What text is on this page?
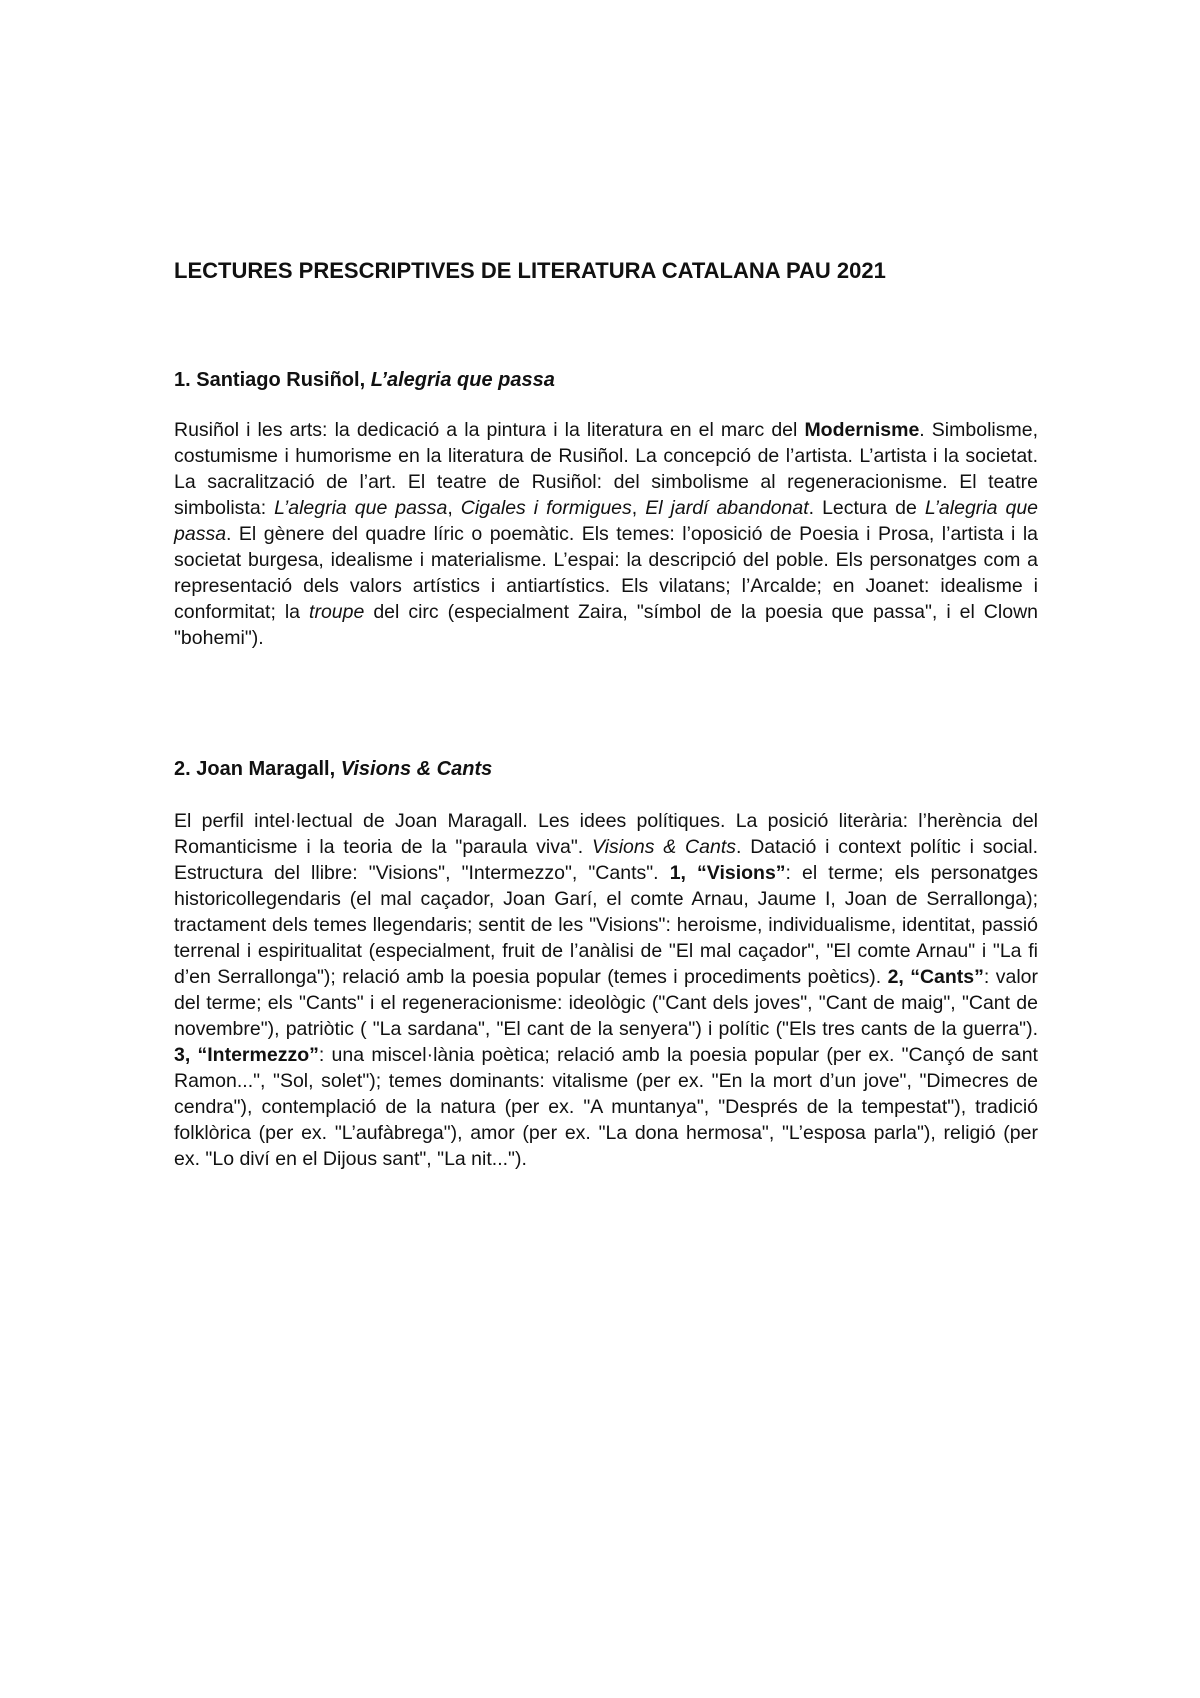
LECTURES PRESCRIPTIVES DE LITERATURA CATALANA PAU 2021
1. Santiago Rusiñol, L’alegria que passa

Rusiñol i les arts: la dedicació a la pintura i la literatura en el marc del Modernisme. Simbolisme, costumisme i humorisme en la literatura de Rusiñol. La concepció de l’artista. L’artista i la societat. La sacralització de l’art. El teatre de Rusiñol: del simbolisme al regeneracionisme. El teatre simbolista: L’alegria que passa, Cigales i formigues, El jardí abandonat. Lectura de L’alegria que passa. El gènere del quadre líric o poemàtic. Els temes: l’oposició de Poesia i Prosa, l’artista i la societat burgesa, idealisme i materialisme. L’espai: la descripció del poble. Els personatges com a representació dels valors artístics i antiartístics. Els vilatans; l’Arcalde; en Joanet: idealisme i conformitat; la troupe del circ (especialment Zaira, "símbol de la poesia que passa", i el Clown "bohemi").

2. Joan Maragall, Visions & Cants

El perfil intel·lectual de Joan Maragall. Les idees polítiques. La posició literària: l’herència del Romanticisme i la teoria de la "paraula viva". Visions & Cants. Datació i context polític i social. Estructura del llibre: "Visions", "Intermezzo", "Cants". 1, “Visions”: el terme; els personatges historicollegendaris (el mal caçador, Joan Garí, el comte Arnau, Jaume I, Joan de Serrallonga); tractament dels temes llegendaris; sentit de les "Visions": heroisme, individualisme, identitat, passió terrenal i espiritualitat (especialment, fruit de l’anàlisi de "El mal caçador", "El comte Arnau" i "La fi d’en Serrallonga"); relació amb la poesia popular (temes i procediments poètics). 2, “Cants”: valor del terme; els "Cants" i el regeneracionisme: ideològic ("Cant dels joves", "Cant de maig", "Cant de novembre"), patriòtic ( "La sardana", "El cant de la senyera") i polític ("Els tres cants de la guerra"). 3, “Intermezzo”: una miscel·lània poètica; relació amb la poesia popular (per ex. "Cançó de sant Ramon...", "Sol, solet"); temes dominants: vitalisme (per ex. "En la mort d’un jove", "Dimecres de cendra"), contemplació de la natura (per ex. "A muntanya", "Després de la tempestat"), tradició folklòrica (per ex. "L’aufàbrega"), amor (per ex. "La dona hermosa", "L’esposa parla"), religió (per ex. "Lo diví en el Dijous sant", "La nit...").
